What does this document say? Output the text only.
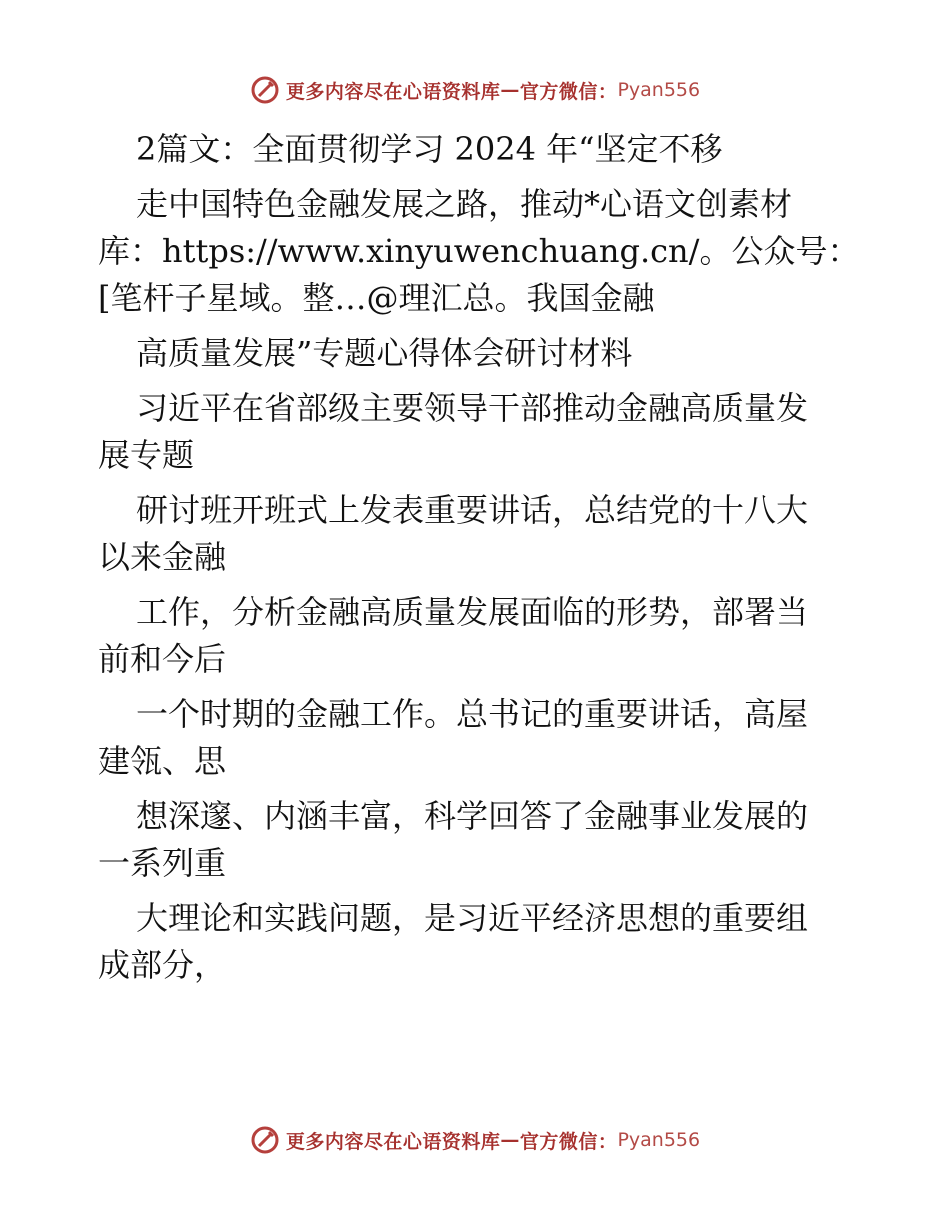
更多内容尽在心语资料库 — 官方微信： Pyan556
2篇文：全面贯彻学习 2024 年“坚定不移
走中国特色金融发展之路，推动*心语文创素材
库：https://www.xinyuwenchuang.cn/。公众号：
[笔杆子星域。整…@理汇总。我国金融
高质量发展”专题心得体会研讨材料
习近平在省部级主要领导干部推动金融高质量发
展专题
研讨班开班式上发表重要讲话，总结党的十八大
以来金融
工作，分析金融高质量发展面临的形势，部署当
前和今后
一个时期的金融工作。总书记的重要讲话，高屋
建瓴、思
想深邃、内涵丰富，科学回答了金融事业发展的
一系列重
大理论和实践问题，是习近平经济思想的重要组
成部分，
更多内容尽在心语资料库 — 官方微信： Pyan556
